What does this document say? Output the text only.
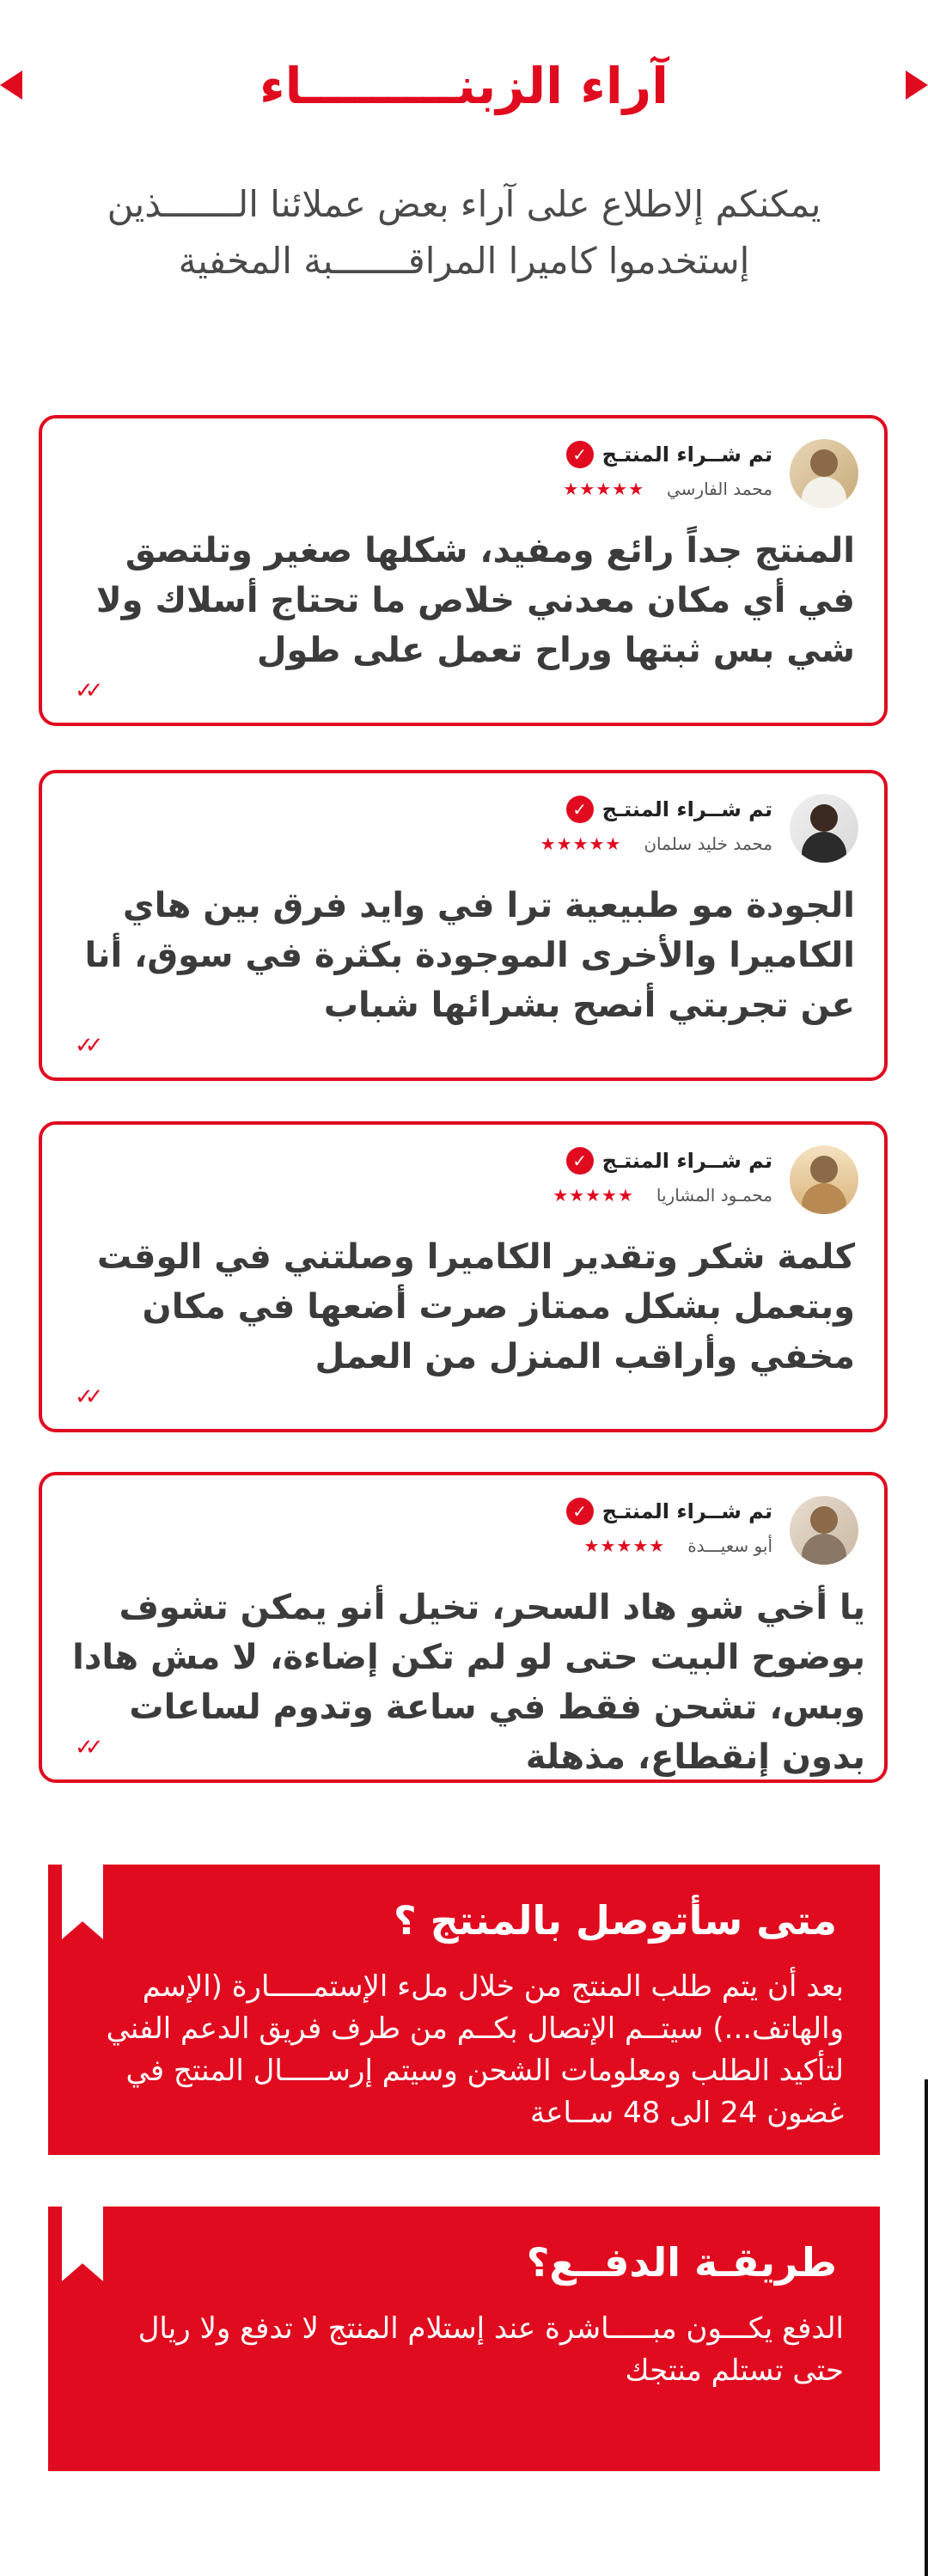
آراء الزبنـــــــــاء
يمكنكم إلاطلاع على آراء بعض عملائنا الـــــــذين إستخدموا كاميرا المراقـــــــبة المخفية
تم شــراء المنتـج
✓
محمد الفارسي
★★★★★
المنتج جداً رائع ومفيد، شكلها صغير وتلتصق في أي مكان معدني خلاص ما تحتاج أسلاك ولا شي بس ثبتها وراح تعمل على طول
✓✓
تم شــراء المنتـج
✓
محمد خليد سلمان
★★★★★
الجودة مو طبيعية ترا في وايد فرق بين هاي الكاميرا والأخرى الموجودة بكثرة في سوق، أنا عن تجربتي أنصح بشرائها شباب
✓✓
تم شــراء المنتـج
✓
محمـود المشاريا
★★★★★
كلمة شكر وتقدير الكاميرا وصلتني في الوقت وبتعمل بشكل ممتاز صرت أضعها في مكان مخفي وأراقب المنزل من العمل
✓✓
تم شــراء المنتـج
✓
أبو سعيـــدة
★★★★★
يا أخي شو هاد السحر، تخيل أنو يمكن تشوف بوضوح البيت حتى لو لم تكن إضاءة، لا مش هادا وبس، تشحن فقط في ساعة وتدوم لساعات بدون إنقطاع، مذهلة
✓✓
متى سأتوصل بالمنتج ؟
بعد أن يتم طلب المنتج من خلال ملء الإستمـــــارة (الإسم والهاتف...) سيتــم الإتصال بكــم من طرف فريق الدعم الفني لتأكيد الطلب ومعلومات الشحن وسيتم إرســـــال المنتج في غضون 24 الى 48 ســاعة
طريقـة الدفــع؟
الدفع يكـــون مبـــــاشرة عند إستلام المنتج لا تدفع ولا ريال حتى تستلم منتجك
